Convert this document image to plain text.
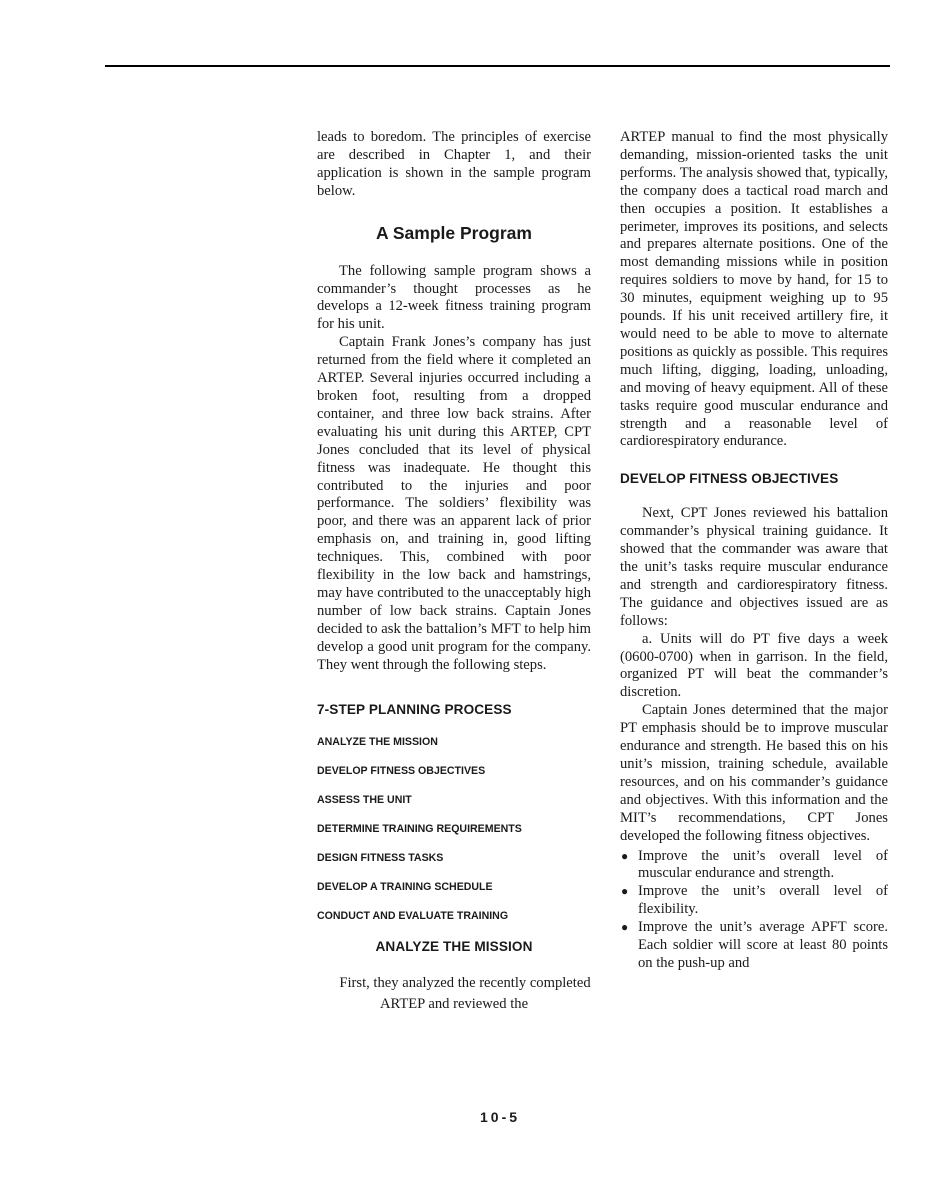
leads to boredom. The principles of exercise are described in Chapter 1, and their application is shown in the sample program below.

A Sample Program

The following sample program shows a commander’s thought processes as he develops a 12-week fitness training program for his unit.

Captain Frank Jones’s company has just returned from the field where it completed an ARTEP. Several injuries occurred including a broken foot, resulting from a dropped container, and three low back strains. After evaluating his unit during this ARTEP, CPT Jones concluded that its level of physical fitness was inadequate. He thought this contributed to the injuries and poor performance. The soldiers’ flexibility was poor, and there was an apparent lack of prior emphasis on, and training in, good lifting techniques. This, combined with poor flexibility in the low back and hamstrings, may have contributed to the unacceptably high number of low back strains. Captain Jones decided to ask the battalion’s MFT to help him develop a good unit program for the company. They went through the following steps.

7-STEP PLANNING PROCESS
ANALYZE THE MISSION
DEVELOP FITNESS OBJECTIVES
ASSESS THE UNIT
DETERMINE TRAINING REQUIREMENTS
DESIGN FITNESS TASKS
DEVELOP A TRAINING SCHEDULE
CONDUCT AND EVALUATE TRAINING
ANALYZE THE MISSION

First, they analyzed the recently completed ARTEP and reviewed the

ARTEP manual to find the most physically demanding, mission-oriented tasks the unit performs. The analysis showed that, typically, the company does a tactical road march and then occupies a position. It establishes a perimeter, improves its positions, and selects and prepares alternate positions. One of the most demanding missions while in position requires soldiers to move by hand, for 15 to 30 minutes, equipment weighing up to 95 pounds. If his unit received artillery fire, it would need to be able to move to alternate positions as quickly as possible. This requires much lifting, digging, loading, unloading, and moving of heavy equipment. All of these tasks require good muscular endurance and strength and a reasonable level of cardiorespiratory endurance.

DEVELOP FITNESS OBJECTIVES

Next, CPT Jones reviewed his battalion commander’s physical training guidance. It showed that the commander was aware that the unit’s tasks require muscular endurance and strength and cardiorespiratory fitness. The guidance and objectives issued are as follows:

a. Units will do PT five days a week (0600-0700) when in garrison. In the field, organized PT will beat the commander’s discretion.

Captain Jones determined that the major PT emphasis should be to improve muscular endurance and strength. He based this on his unit’s mission, training schedule, available resources, and on his commander’s guidance and objectives. With this information and the MIT’s recommendations, CPT Jones developed the following fitness objectives.

● Improve the unit’s overall level of muscular endurance and strength.
● Improve the unit’s overall level of flexibility.
● Improve the unit’s average APFT score. Each soldier will score at least 80 points on the push-up and
10-5
